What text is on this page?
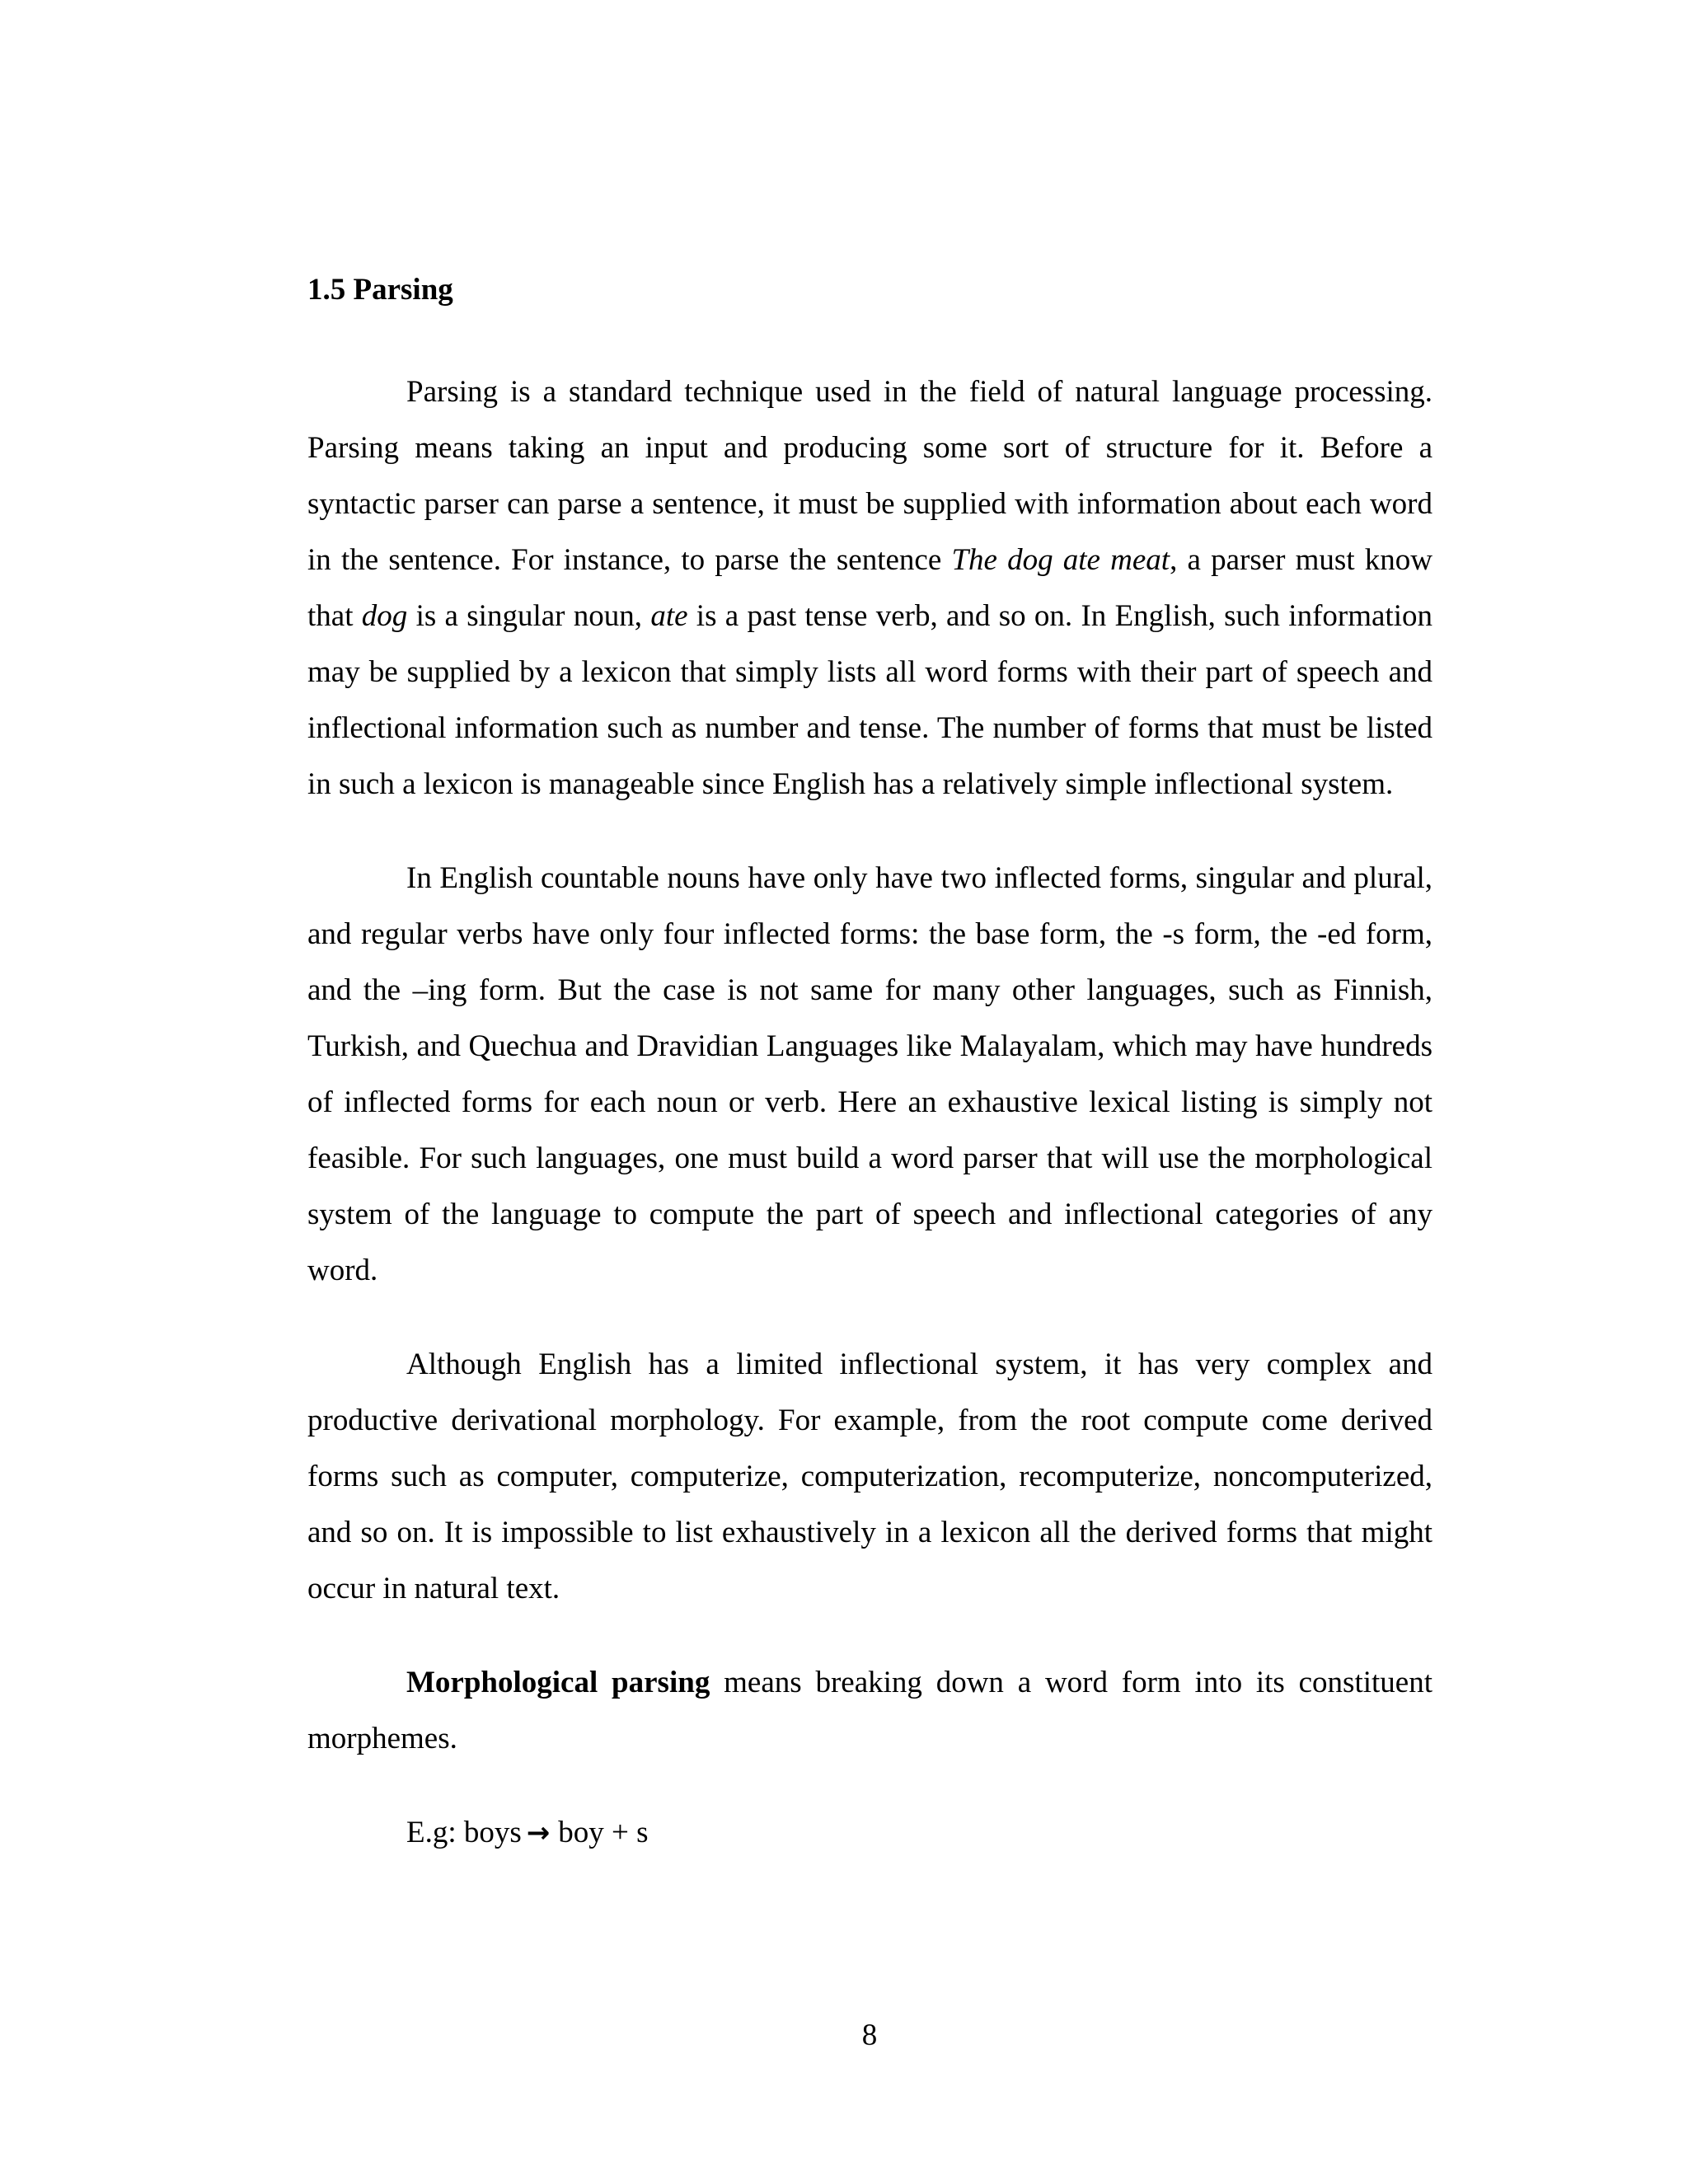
1.5 Parsing

Parsing is a standard technique used in the field of natural language processing. Parsing means taking an input and producing some sort of structure for it. Before a syntactic parser can parse a sentence, it must be supplied with information about each word in the sentence. For instance, to parse the sentence The dog ate meat, a parser must know that dog is a singular noun, ate is a past tense verb, and so on. In English, such information may be supplied by a lexicon that simply lists all word forms with their part of speech and inflectional information such as number and tense. The number of forms that must be listed in such a lexicon is manageable since English has a relatively simple inflectional system.

In English countable nouns have only have two inflected forms, singular and plural, and regular verbs have only four inflected forms: the base form, the -s form, the -ed form, and the –ing form. But the case is not same for many other languages, such as Finnish, Turkish, and Quechua and Dravidian Languages like Malayalam, which may have hundreds of inflected forms for each noun or verb. Here an exhaustive lexical listing is simply not feasible. For such languages, one must build a word parser that will use the morphological system of the language to compute the part of speech and inflectional categories of any word.

Although English has a limited inflectional system, it has very complex and productive derivational morphology. For example, from the root compute come derived forms such as computer, computerize, computerization, recomputerize, noncomputerized, and so on. It is impossible to list exhaustively in a lexicon all the derived forms that might occur in natural text.

Morphological parsing means breaking down a word form into its constituent morphemes.

E.g: boys → boy + s

8
